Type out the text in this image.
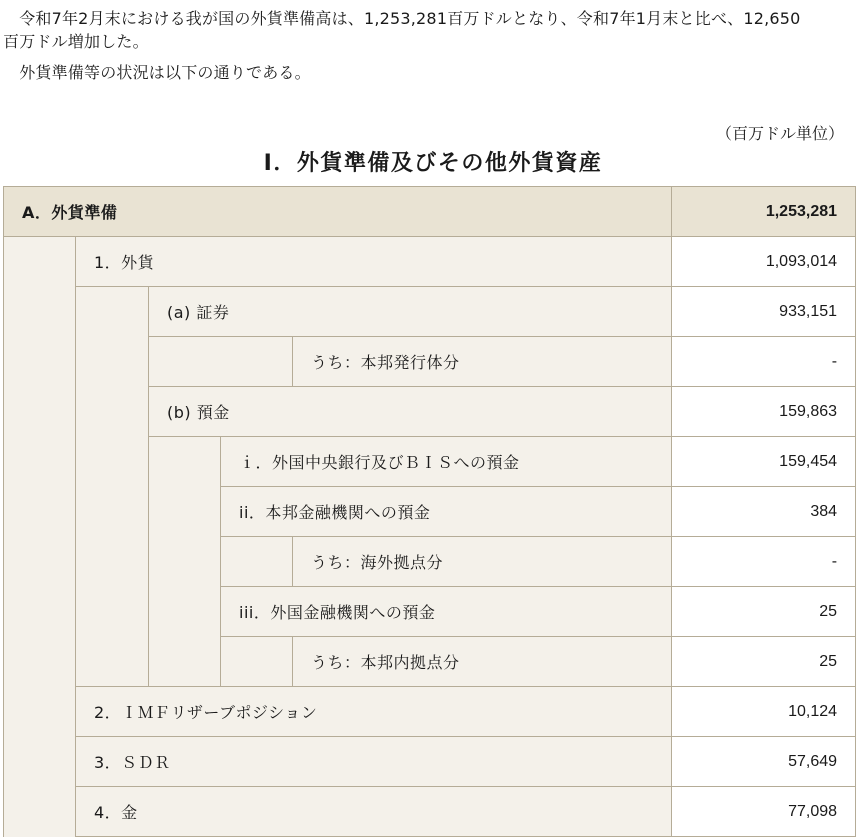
　令和7年2月末における我が国の外貨準備高は、1,253,281百万ドルとなり、令和7年1月末と比べ、12,650

百万ドル増加した。

　外貨準備等の状況は以下の通りである。

（百万ドル単位）

Ⅰ．外貨準備及びその他外貨資産
A．外貨準備					1,253,281
	1．外貨				1,093,014
		(a) 証券			933,151
				うち：本邦発行体分	-
		(b) 預金			159,863
			ｉ．外国中央銀行及びＢＩＳへの預金		159,454
			ii．本邦金融機関への預金		384
				うち：海外拠点分	-
			iii．外国金融機関への預金		25
				うち：本邦内拠点分	25
	2．ＩＭＦリザーブポジション				10,124
	3．ＳＤＲ				57,649
	4．金				77,098
